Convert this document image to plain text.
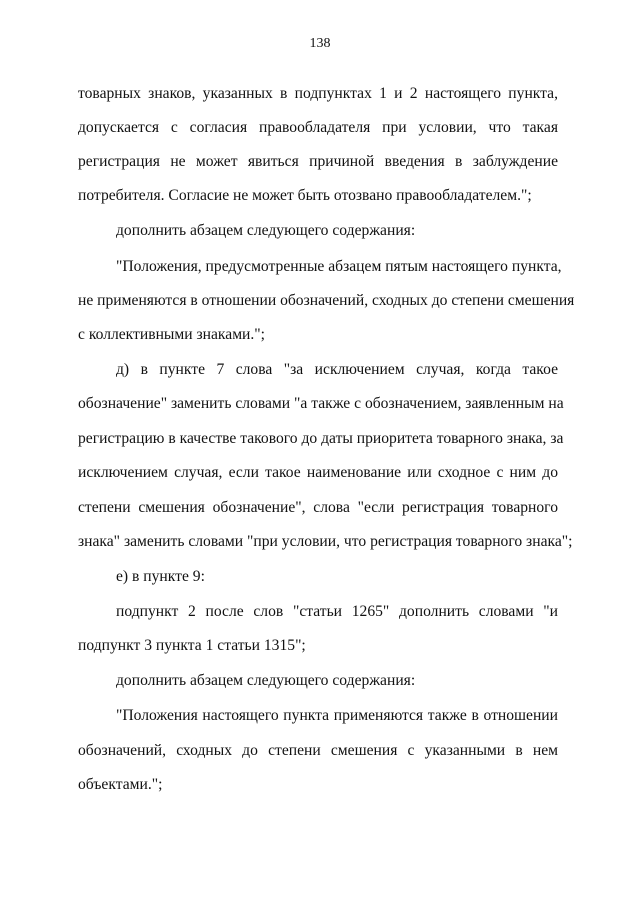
138
товарных знаков, указанных в подпунктах 1 и 2 настоящего пункта,
допускается с согласия правообладателя при условии, что такая
регистрация не может явиться причиной введения в заблуждение
потребителя. Согласие не может быть отозвано правообладателем.";
дополнить абзацем следующего содержания:
"Положения, предусмотренные абзацем пятым настоящего пункта,
не применяются в отношении обозначений, сходных до степени смешения
с коллективными знаками.";
д) в пункте 7 слова "за исключением случая, когда такое
обозначение" заменить словами "а также с обозначением, заявленным на
регистрацию в качестве такового до даты приоритета товарного знака, за
исключением случая, если такое наименование или сходное с ним до
степени смешения обозначение", слова "если регистрация товарного
знака" заменить словами "при условии, что регистрация товарного знака";
е) в пункте 9:
подпункт 2 после слов "статьи 1265" дополнить словами "и
подпункт 3 пункта 1 статьи 1315";
дополнить абзацем следующего содержания:
"Положения настоящего пункта применяются также в отношении
обозначений, сходных до степени смешения с указанными в нем
объектами.";
